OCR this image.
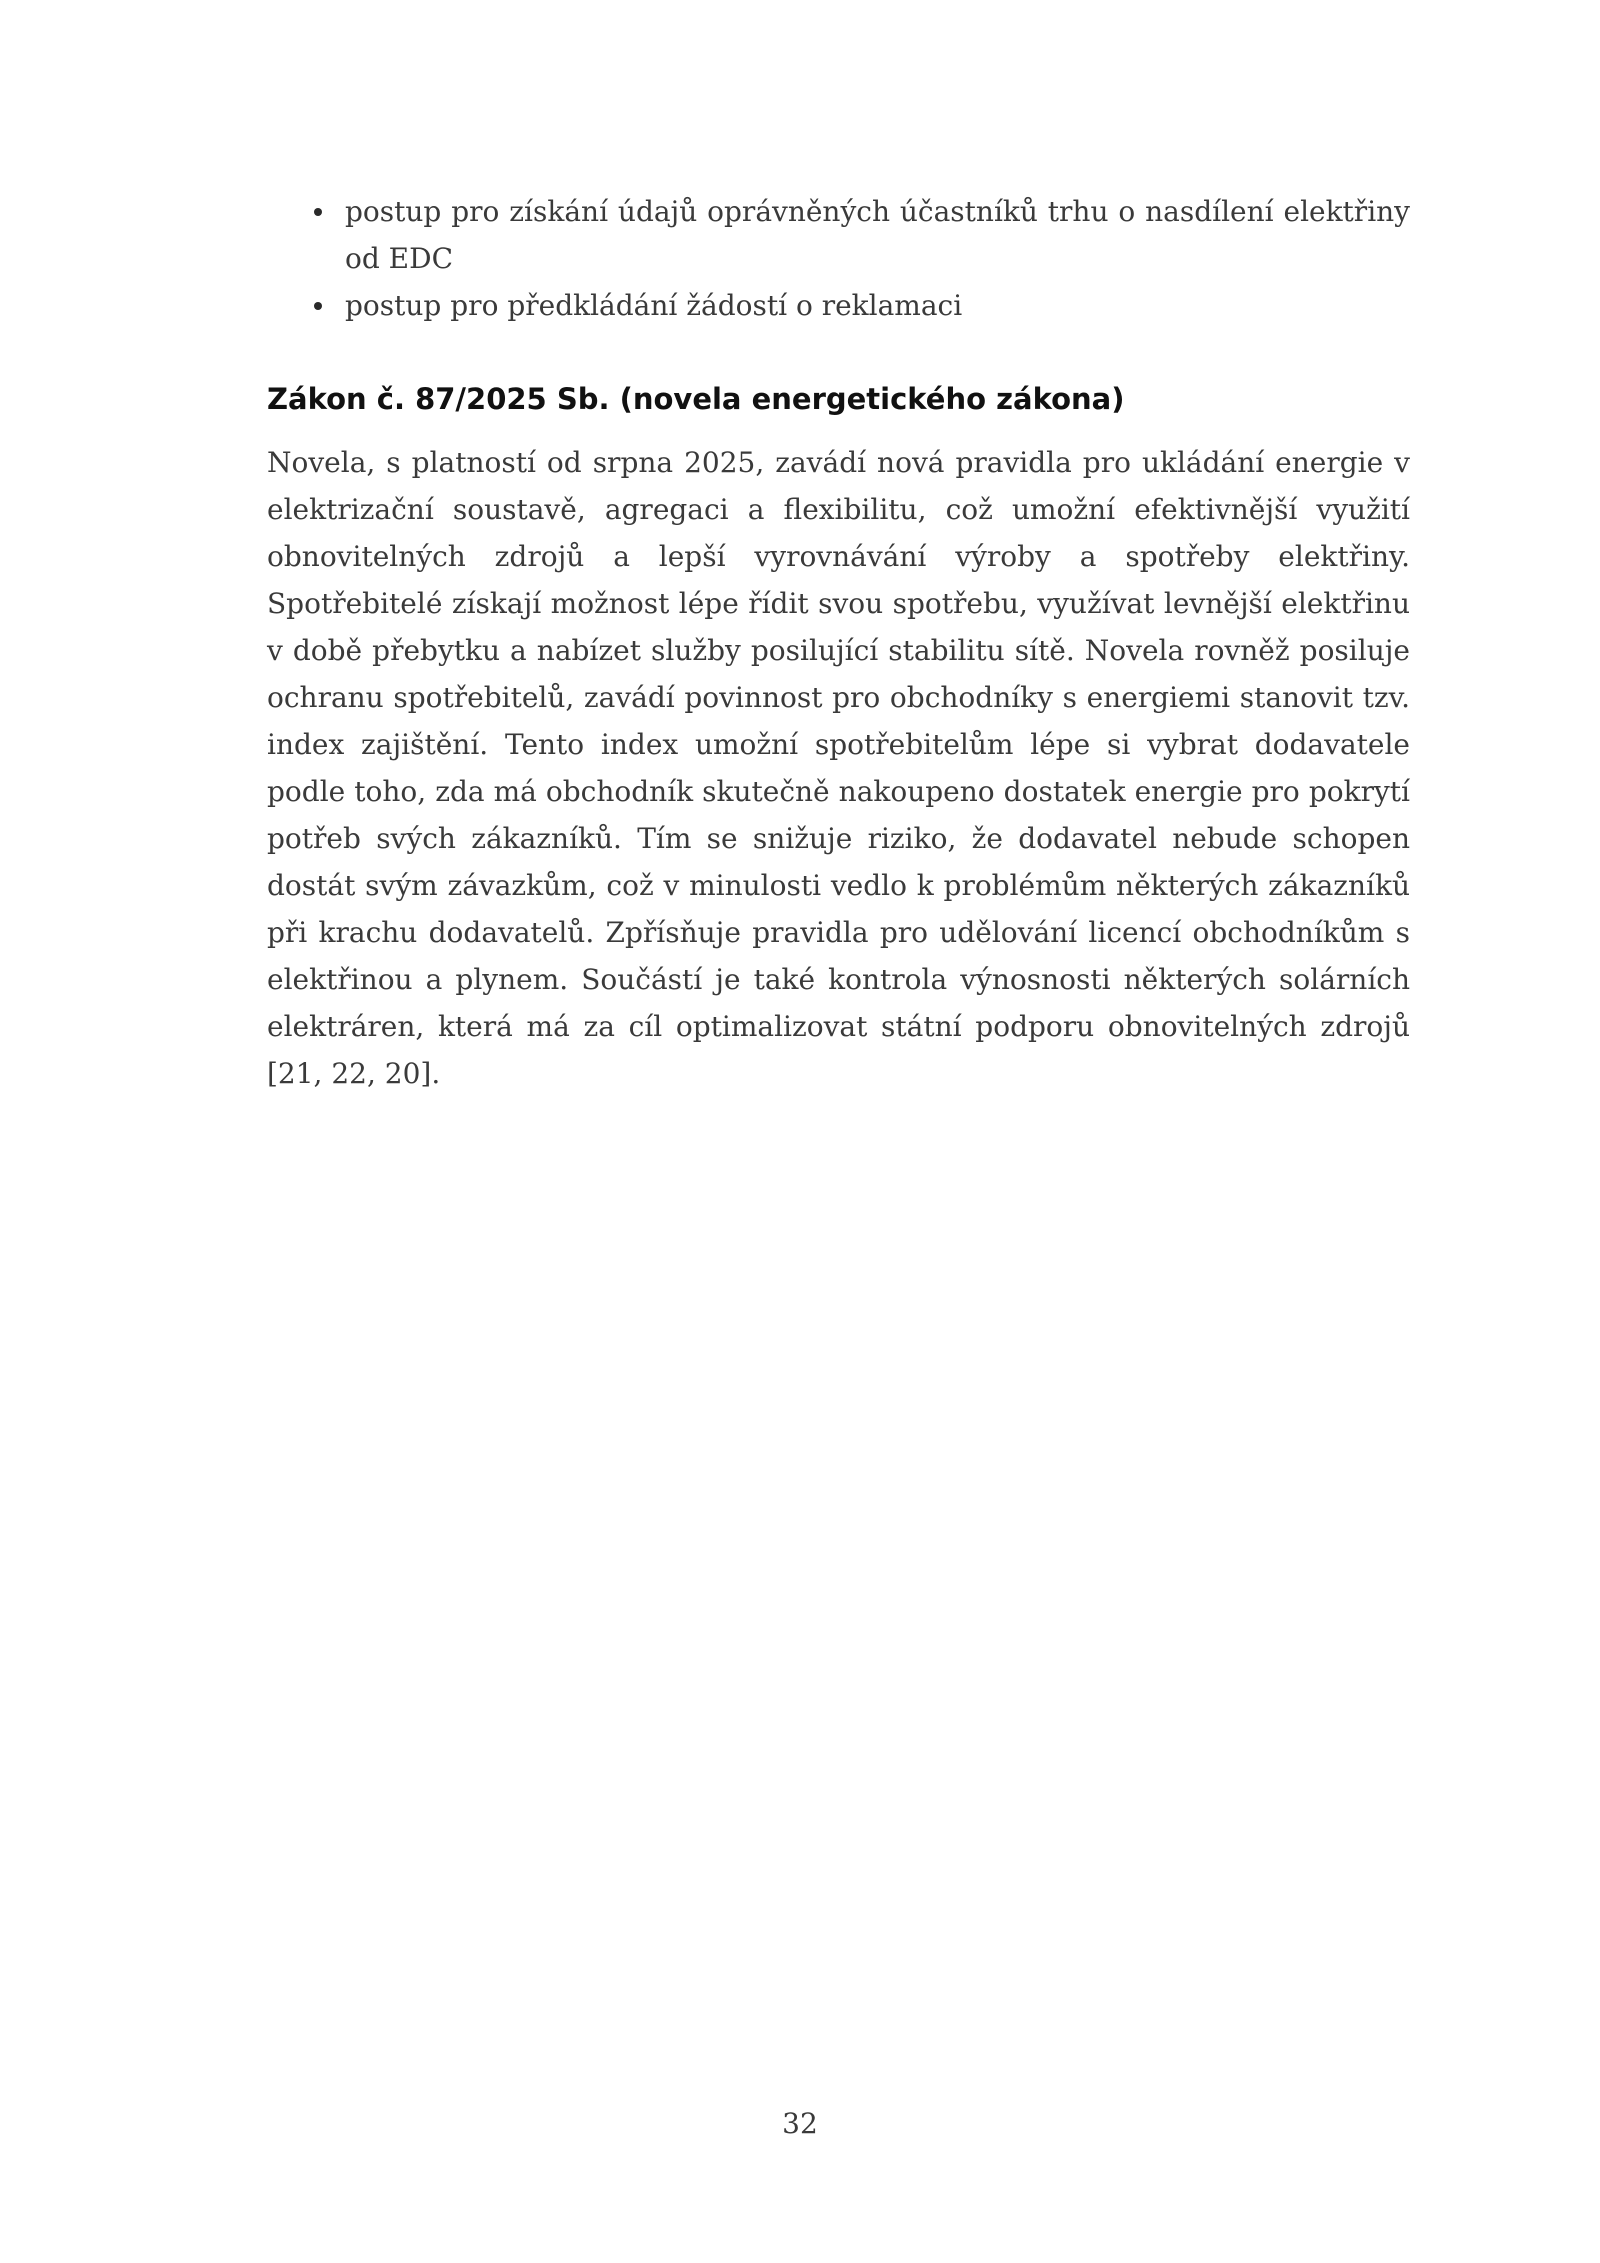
postup pro získání údajů oprávněných účastníků trhu o nasdílení elektřiny od EDC
postup pro předkládání žádostí o reklamaci
Zákon č. 87/2025 Sb. (novela energetického zákona)

Novela, s platností od srpna 2025, zavádí nová pravidla pro ukládání energie v elektrizační soustavě, agregaci a flexibilitu, což umožní efektivnější využití obnovitelných zdrojů a lepší vyrovnávání výroby a spotřeby elektřiny. Spotřebitelé získají možnost lépe řídit svou spotřebu, využívat levnější elektřinu v době přebytku a nabízet služby posilující stabilitu sítě. Novela rovněž posiluje ochranu spotřebitelů, zavádí povinnost pro obchodníky s energiemi stanovit tzv. index zajištění. Tento index umožní spotřebitelům lépe si vybrat dodavatele podle toho, zda má obchodník skutečně nakoupeno dostatek energie pro pokrytí potřeb svých zákazníků. Tím se snižuje riziko, že dodavatel nebude schopen dostát svým závazkům, což v minulosti vedlo k problémům některých zákazníků při krachu dodavatelů. Zpřísňuje pravidla pro udělování licencí obchodníkům s elektřinou a plynem. Součástí je také kontrola výnosnosti některých solárních elektráren, která má za cíl optimalizovat státní podporu obnovitelných zdrojů [21, 22, 20].

32
